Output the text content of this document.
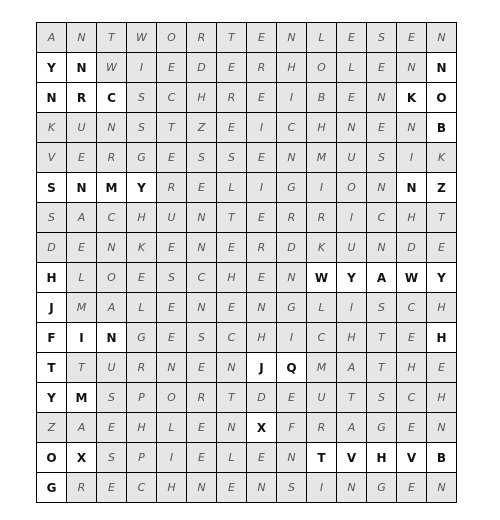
A	N	T	W	O	R	T	E	N	L	E	S	E	N
Y	N	W	I	E	D	E	R	H	O	L	E	N	N
N	R	C	S	C	H	R	E	I	B	E	N	K	O
K	U	N	S	T	Z	E	I	C	H	N	E	N	B
V	E	R	G	E	S	S	E	N	M	U	S	I	K
S	N	M	Y	R	E	L	I	G	I	O	N	N	Z
S	A	C	H	U	N	T	E	R	R	I	C	H	T
D	E	N	K	E	N	E	R	D	K	U	N	D	E
H	L	O	E	S	C	H	E	N	W	Y	A	W	Y
J	M	A	L	E	N	E	N	G	L	I	S	C	H
F	I	N	G	E	S	C	H	I	C	H	T	E	H
T	T	U	R	N	E	N	J	Q	M	A	T	H	E
Y	M	S	P	O	R	T	D	E	U	T	S	C	H
Z	A	E	H	L	E	N	X	F	R	A	G	E	N
O	X	S	P	I	E	L	E	N	T	V	H	V	B
G	R	E	C	H	N	E	N	S	I	N	G	E	N
